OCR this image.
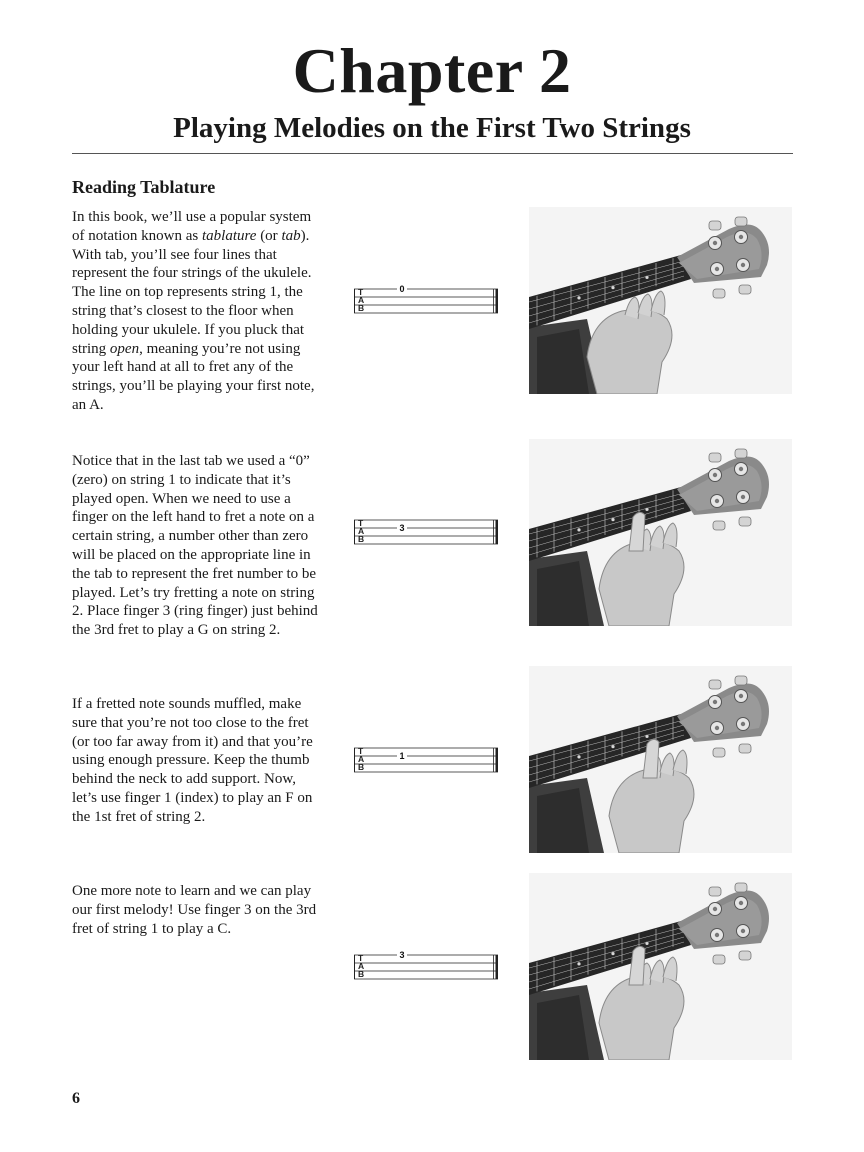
Chapter 2
Playing Melodies on the First Two Strings
Reading Tablature
In this book, we’ll use a popular system of notation known as tablature (or tab). With tab, you’ll see four lines that represent the four strings of the ukulele. The line on top represents string 1, the string that’s closest to the floor when holding your ukulele. If you pluck that string open, meaning you’re not using your left hand at all to fret any of the strings, you’ll be playing your first note, an A.
Notice that in the last tab we used a “0” (zero) on string 1 to indicate that it’s played open. When we need to use a finger on the left hand to fret a note on a certain string, a number other than zero will be placed on the appropriate line in the tab to represent the fret number to be played. Let’s try fretting a note on string 2. Place finger 3 (ring finger) just behind the 3rd fret to play a G on string 2.
If a fretted note sounds muffled, make sure that you’re not too close to the fret (or too far away from it) and that you’re using enough pressure. Keep the thumb behind the neck to add support. Now, let’s use finger 1 (index) to play an F on the 1st fret of string 2.
One more note to learn and we can play our first melody! Use finger 3 on the 3rd fret of string 1 to play a C.
T
A
B
0
T
A
B
3
T
A
B
1
T
A
B
3
6
